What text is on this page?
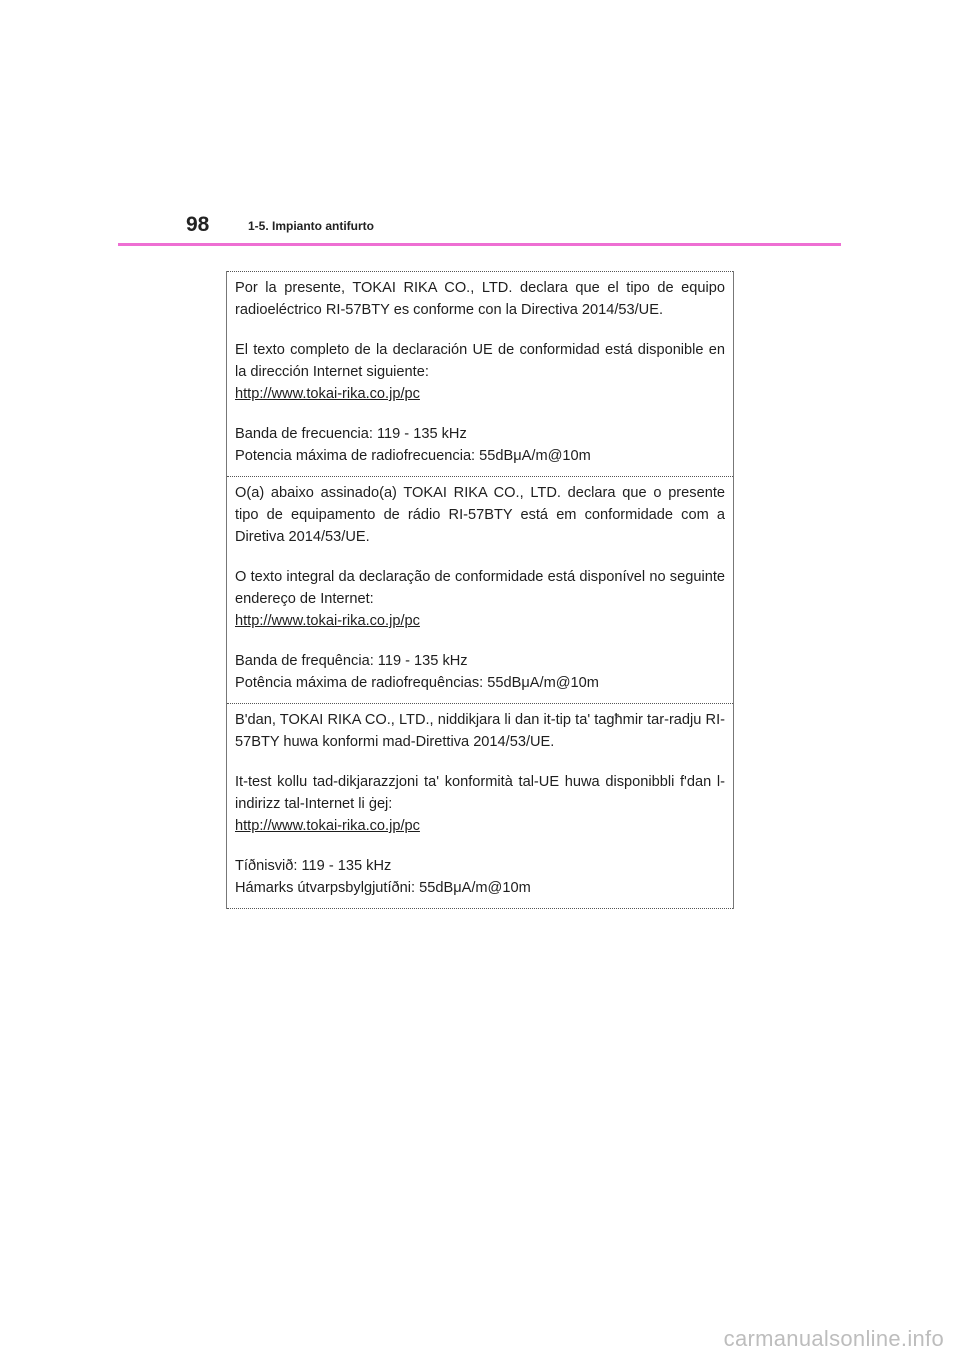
98	1-5. Impianto antifurto

Por la presente, TOKAI RIKA CO., LTD. declara que el tipo de equipo radioeléctrico RI-57BTY es conforme con la Directiva 2014/53/UE.

El texto completo de la declaración UE de conformidad está disponible en la dirección Internet siguiente:
http://www.tokai-rika.co.jp/pc

Banda de frecuencia: 119 - 135 kHz
Potencia máxima de radiofrecuencia: 55dBμA/m@10m

O(a) abaixo assinado(a) TOKAI RIKA CO., LTD. declara que o presente tipo de equipamento de rádio RI-57BTY está em conformidade com a Diretiva 2014/53/UE.

O texto integral da declaração de conformidade está disponível no seguinte endereço de Internet:
http://www.tokai-rika.co.jp/pc

Banda de frequência: 119 - 135 kHz
Potência máxima de radiofrequências: 55dBμA/m@10m

B'dan, TOKAI RIKA CO., LTD., niddikjara li dan it-tip ta' tagħmir tar-radju RI-57BTY huwa konformi mad-Direttiva 2014/53/UE.

It-test kollu tad-dikjarazzjoni ta' konformità tal-UE huwa disponibbli f'dan l-indirizz tal-Internet li ġej:
http://www.tokai-rika.co.jp/pc

Tíðnisvið: 119 - 135 kHz
Hámarks útvarpsbylgjutíðni: 55dBμA/m@10m

carmanualsonline.info
